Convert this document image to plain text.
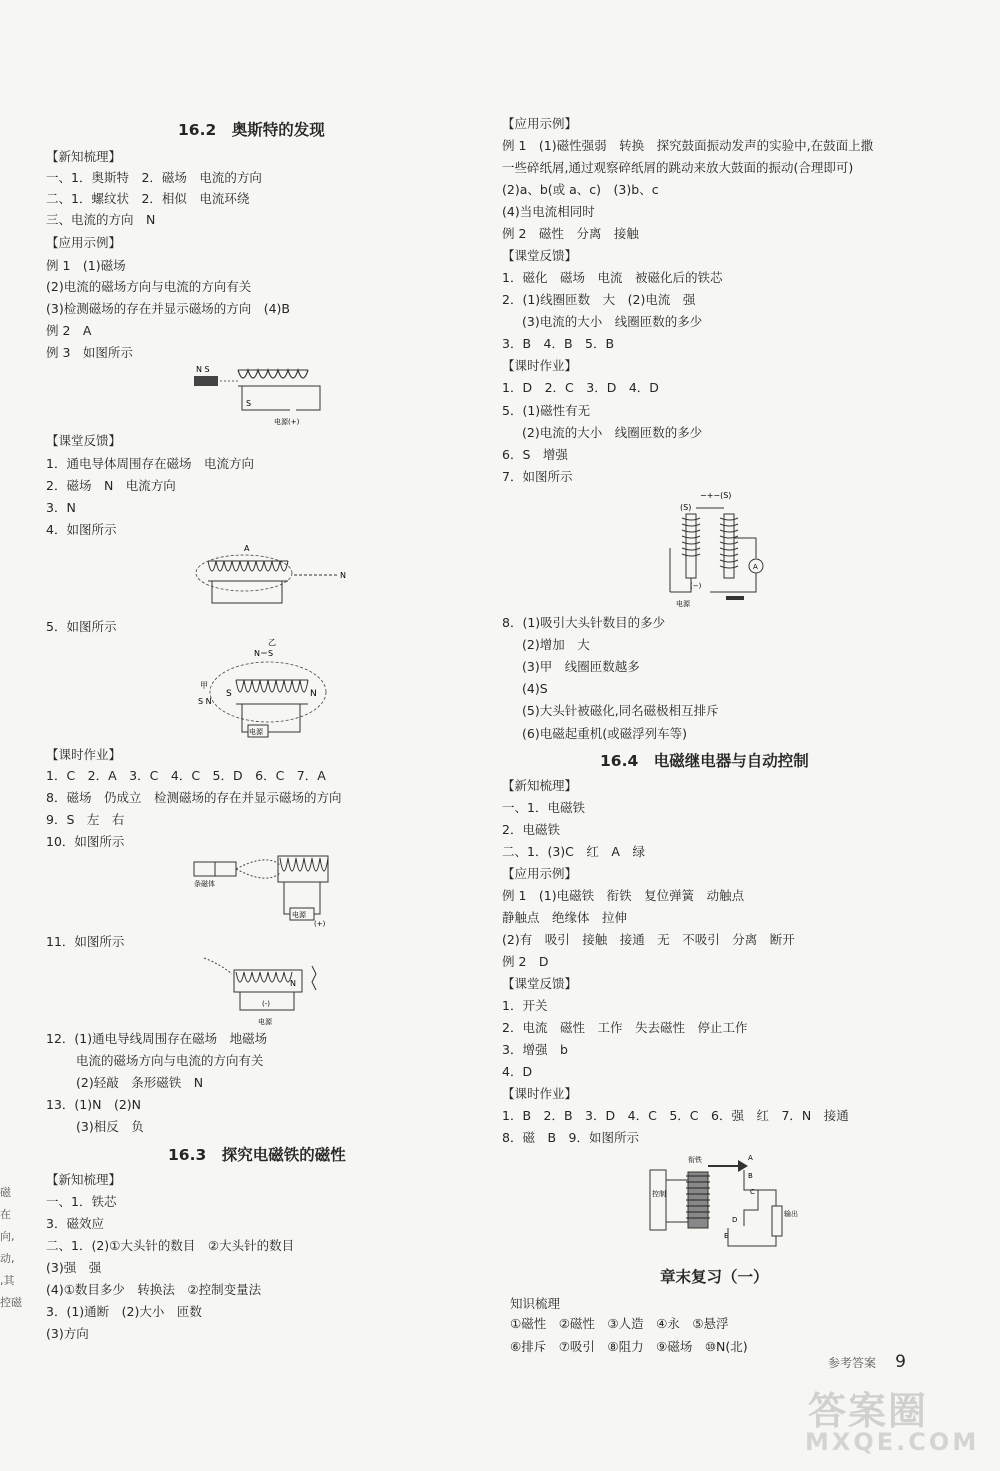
磁
在
向,
动,
,其
控磁
16.2　奥斯特的发现
【新知梳理】
一、1．奥斯特　2．磁场　电流的方向
二、1．螺纹状　2．相似　电流环绕
三、电流的方向　N
【应用示例】
例 1　(1)磁场
(2)电流的磁场方向与电流的方向有关
(3)检测磁场的存在并显示磁场的方向　(4)B
例 2　A
例 3　如图所示
N S
S
电源(+)
【课堂反馈】
1．通电导体周围存在磁场　电流方向
2．磁场　N　电流方向
3．N
4．如图所示
A
N
5．如图所示
乙
N＝S
甲
S N
S	N
电源
【课时作业】
1．C　2．A　3．C　4．C　5．D　6．C　7．A
8．磁场　仍成立　检测磁场的存在并显示磁场的方向
9．S　左　右
10．如图所示
条磁体
电源
(+)
11．如图所示
N
(-)
电源
12．(1)通电导线周围存在磁场　地磁场
电流的磁场方向与电流的方向有关
(2)轻敲　条形磁铁　N
13．(1)N　(2)N
(3)相反　负
16.3　探究电磁铁的磁性
【新知梳理】
一、1．铁芯
3．磁效应
二、1．(2)①大头针的数目　②大头针的数目
(3)强　强
(4)①数目多少　转换法　②控制变量法
3．(1)通断　(2)大小　匝数
(3)方向
【应用示例】
例 1　(1)磁性强弱　转换　探究鼓面振动发声的实验中,在鼓面上撒
一些碎纸屑,通过观察碎纸屑的跳动来放大鼓面的振动(合理即可)
(2)a、b(或 a、c)　(3)b、c
(4)当电流相同时
例 2　磁性　分离　接触
【课堂反馈】
1．磁化　磁场　电流　被磁化后的铁芯
2．(1)线圈匝数　大　(2)电流　强
(3)电流的大小　线圈匝数的多少
3．B　4．B　5．B
【课时作业】
1．D　2．C　3．D　4．D
5．(1)磁性有无
(2)电流的大小　线圈匝数的多少
6．S　增强
7．如图所示
−+−(S)
(S)
A
(−)
电源
8．(1)吸引大头针数目的多少
(2)增加　大
(3)甲　线圈匝数越多
(4)S
(5)大头针被磁化,同名磁极相互排斥
(6)电磁起重机(或磁浮列车等)
16.4　电磁继电器与自动控制
【新知梳理】
一、1．电磁铁
2．电磁铁
二、1．(3)C　红　A　绿
【应用示例】
例 1　(1)电磁铁　衔铁　复位弹簧　动触点
静触点　绝缘体　拉伸
(2)有　吸引　接触　接通　无　不吸引　分离　断开
例 2　D
【课堂反馈】
1．开关
2．电流　磁性　工作　失去磁性　停止工作
3．增强　b
4．D
【课时作业】
1．B　2．B　3．D　4．C　5．C　6．强　红　7．N　接通
8．磁　B　9．如图所示
衔铁
控制
A
B
C
D
E
输出
章末复习（一）
知识梳理
①磁性　②磁性　③人造　④永　⑤悬浮
⑥排斥　⑦吸引　⑧阻力　⑨磁场　⑩N(北)
参考答案 9
答案圈
MXQE.COM
